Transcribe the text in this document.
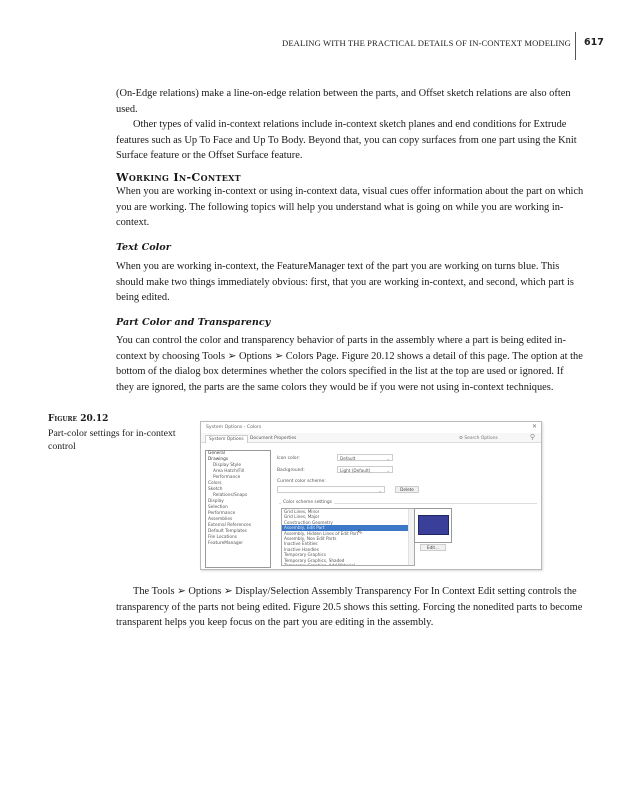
DEALING WITH THE PRACTICAL DETAILS OF IN-CONTEXT MODELING 617

(On-Edge relations) make a line-on-edge relation between the parts, and Offset sketch relations are also often used.

Other types of valid in-context relations include in-context sketch planes and end conditions for Extrude features such as Up To Face and Up To Body. Beyond that, you can copy surfaces from one part using the Knit Surface feature or the Offset Surface feature.

Working In-Context

When you are working in-context or using in-context data, visual cues offer information about the part on which you are working. The following topics will help you understand what is going on while you are working in-context.

Text Color

When you are working in-context, the FeatureManager text of the part you are working on turns blue. This should make two things immediately obvious: first, that you are working in-context, and second, which part is being edited.

Part Color and Transparency

You can control the color and transparency behavior of parts in the assembly where a part is being edited in-context by choosing Tools ➢ Options ➢ Colors Page. Figure 20.12 shows a detail of this page. The option at the bottom of the dialog box determines whether the colors specified in the list at the top are used or ignored. If they are ignored, the parts are the same colors they would be if you were not using in-context techniques.

Figure 20.12
Part-color settings for in-context control
System Options - Colors	✕
System Options	Document Properties	⚙ Search Options	⚲
General
Drawings
Display Style
Area Hatch/Fill
Performance
Colors
Sketch
Relations/Snaps
Display
Selection
Performance
Assemblies
External References
Default Templates
File Locations
FeatureManager
Icon color:	Default	⌄
Background:	Light (Default)	⌄
Current color scheme:
⌄	Delete
Color scheme settings
Grid Lines, Minor
Grid Lines, Major
Construction Geometry
Assembly, Edit Part
Assembly, Hidden Lines of Edit Part
Assembly, Non Edit Parts
Inactive Entities
Inactive Handles
Temporary Graphics
Temporary Graphics, Shaded
Temporary Graphics, Add Material
⇖
Edit...

The Tools ➢ Options ➢ Display/Selection Assembly Transparency For In Context Edit setting controls the transparency of the parts not being edited. Figure 20.5 shows this setting. Forcing the nonedited parts to become transparent helps you keep focus on the part you are editing in the assembly.
